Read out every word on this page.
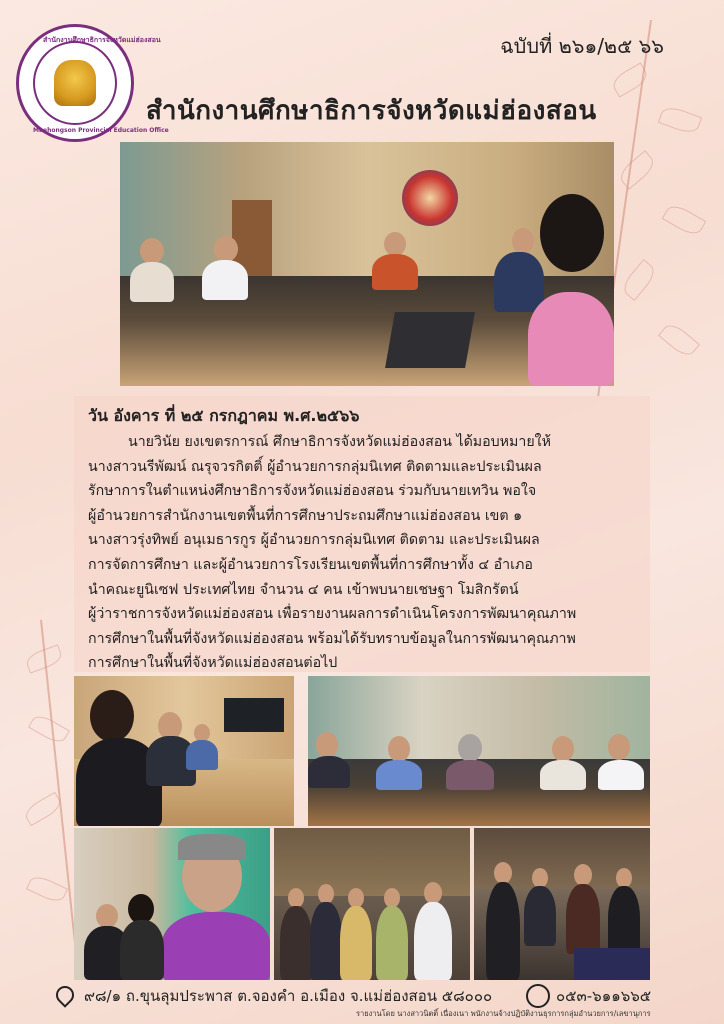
สำนักงานศึกษาธิการจังหวัดแม่ฮ่องสอน
Maehongson Provincial Education Office
ฉบับที่ ๒๖๑/๒๕ ๖๖
สำนักงานศึกษาธิการจังหวัดแม่ฮ่องสอน
วัน อังคาร ที่ ๒๕ กรกฎาคม พ.ศ.๒๕๖๖
นายวินัย ยงเขตรการณ์ ศึกษาธิการจังหวัดแม่ฮ่องสอน ได้มอบหมายให้
นางสาวนรีพัฒน์ ณรุจวรกิตติ์ ผู้อำนวยการกลุ่มนิเทศ ติดตามและประเมินผล
รักษาการในตำแหน่งศึกษาธิการจังหวัดแม่ฮ่องสอน ร่วมกับนายเทวิน พอใจ
ผู้อำนวยการสำนักงานเขตพื้นที่การศึกษาประถมศึกษาแม่ฮ่องสอน เขต ๑
นางสาวรุ่งทิพย์ อนุเมธารกูร ผู้อำนวยการกลุ่มนิเทศ ติดตาม และประเมินผล
การจัดการศึกษา และผู้อำนวยการโรงเรียนเขตพื้นที่การศึกษาทั้ง ๔ อำเภอ
นำคณะยูนิเซฟ ประเทศไทย จำนวน ๔ คน เข้าพบนายเชษฐา โมสิกรัตน์
ผู้ว่าราชการจังหวัดแม่ฮ่องสอน เพื่อรายงานผลการดำเนินโครงการพัฒนาคุณภาพ
การศึกษาในพื้นที่จังหวัดแม่ฮ่องสอน พร้อมได้รับทราบข้อมูลในการพัฒนาคุณภาพ
การศึกษาในพื้นที่จังหวัดแม่ฮ่องสอนต่อไป
๙๘/๑ ถ.ขุนลุมประพาส ต.จองคำ อ.เมือง จ.แม่ฮ่องสอน ๕๘๐๐๐	๐๕๓-๖๑๑๖๖๕
รายงานโดย นางสาวนิตติ์ เนื่องเนา พนักงานจ้างปฏิบัติงานธุรการกลุ่มอำนวยการ/เลขานุการ
